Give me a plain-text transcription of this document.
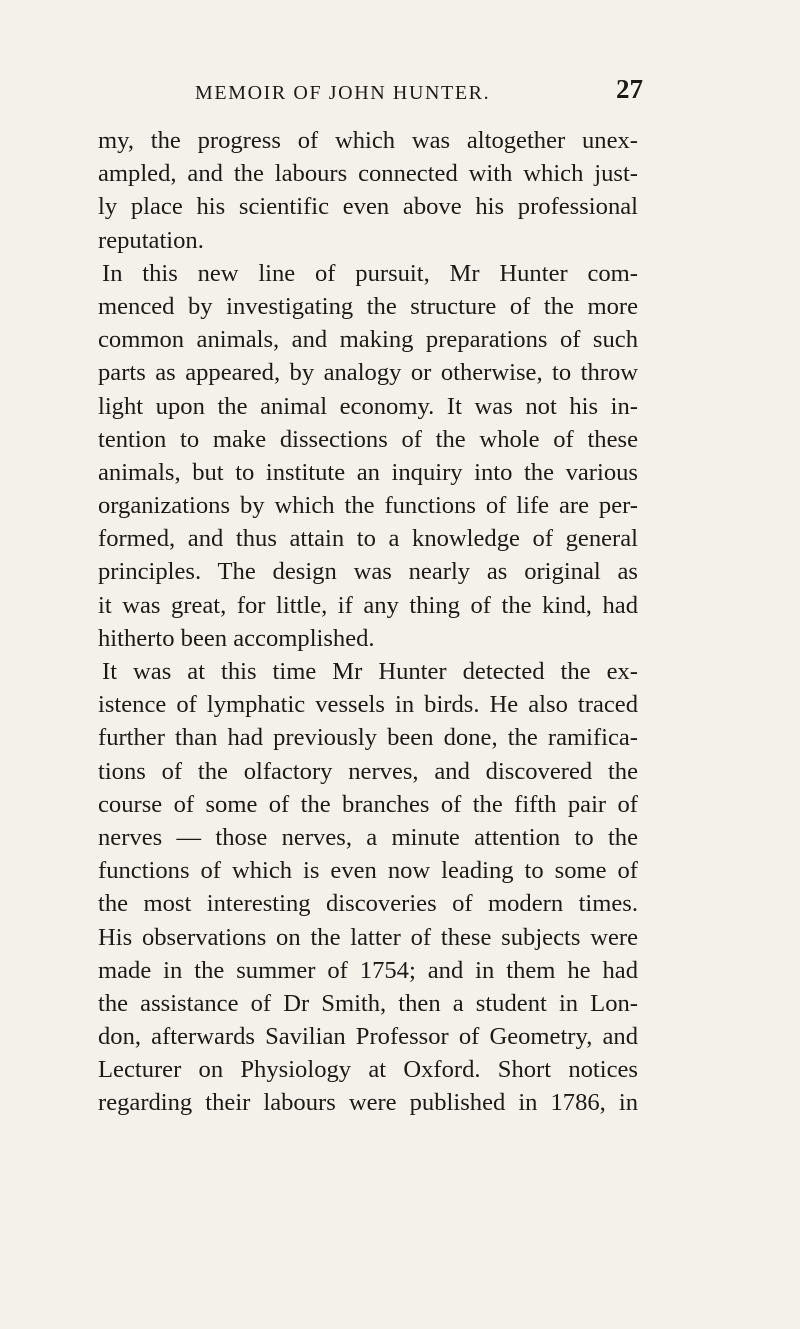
MEMOIR OF JOHN HUNTER.	27
my, the progress of which was altogether unex-
ampled, and the labours connected with which just-
ly place his scientific even above his professional
reputation.
In this new line of pursuit, Mr Hunter com-
menced by investigating the structure of the more
common animals, and making preparations of such
parts as appeared, by analogy or otherwise, to throw
light upon the animal economy. It was not his in-
tention to make dissections of the whole of these
animals, but to institute an inquiry into the various
organizations by which the functions of life are per-
formed, and thus attain to a knowledge of general
principles. The design was nearly as original as
it was great, for little, if any thing of the kind, had
hitherto been accomplished.
It was at this time Mr Hunter detected the ex-
istence of lymphatic vessels in birds. He also traced
further than had previously been done, the ramifica-
tions of the olfactory nerves, and discovered the
course of some of the branches of the fifth pair of
nerves — those nerves, a minute attention to the
functions of which is even now leading to some of
the most interesting discoveries of modern times.
His observations on the latter of these subjects were
made in the summer of 1754; and in them he had
the assistance of Dr Smith, then a student in Lon-
don, afterwards Savilian Professor of Geometry, and
Lecturer on Physiology at Oxford. Short notices
regarding their labours were published in 1786, in
